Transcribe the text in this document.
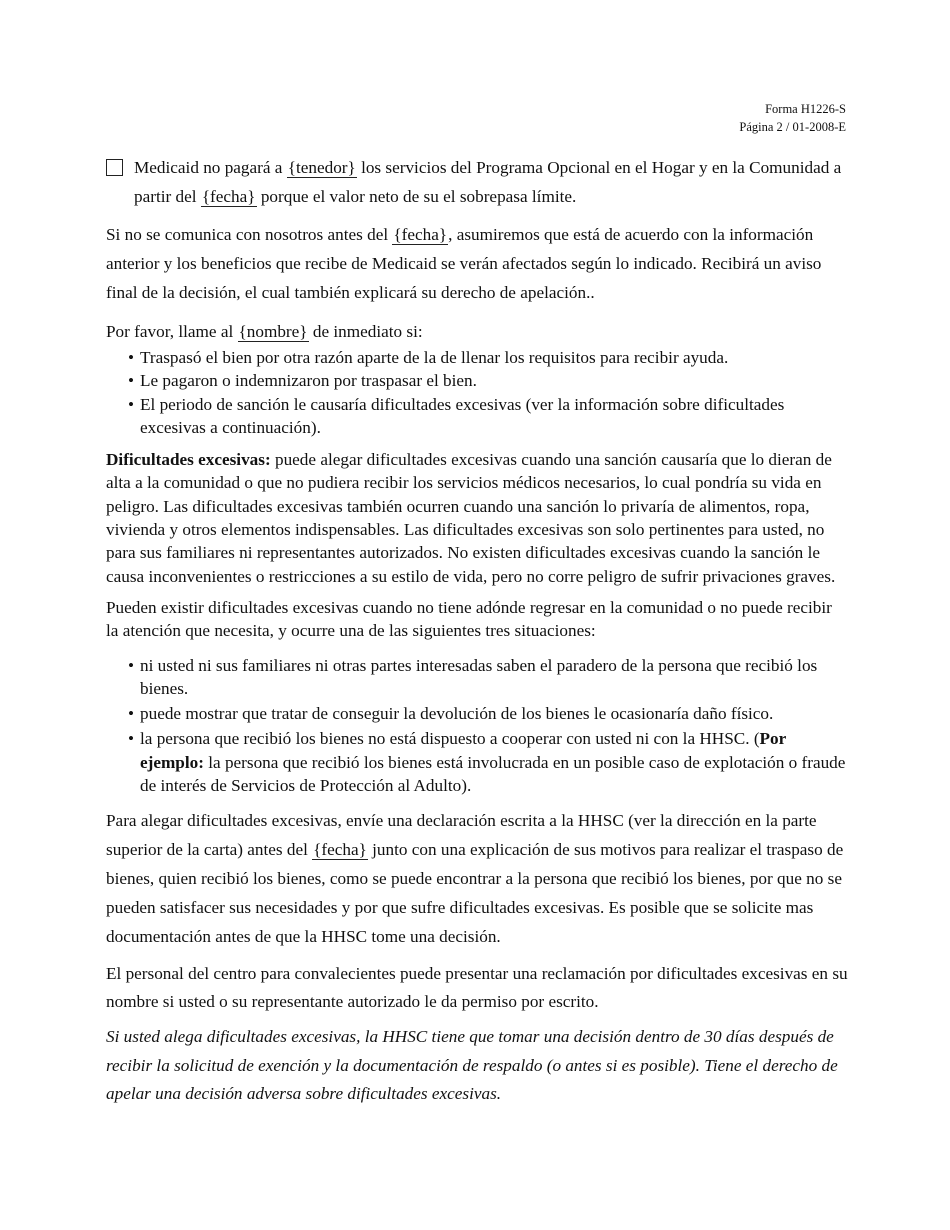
Forma H1226-S
Página 2 / 01-2008-E

Medicaid no pagará a {tenedor} los servicios del Programa Opcional en el Hogar y en la Comunidad a partir del {fecha} porque el valor neto de su el sobrepasa límite.

Si no se comunica con nosotros antes del {fecha}, asumiremos que está de acuerdo con la información anterior y los beneficios que recibe de Medicaid se verán afectados según lo indicado. Recibirá un aviso final de la decisión, el cual también explicará su derecho de apelación..

Por favor, llame al {nombre} de inmediato si:

• Traspasó el bien por otra razón aparte de la de llenar los requisitos para recibir ayuda.
• Le pagaron o indemnizaron por traspasar el bien.
• El periodo de sanción le causaría dificultades excesivas (ver la información sobre dificultades excesivas a continuación).

Dificultades excesivas: puede alegar dificultades excesivas cuando una sanción causaría que lo dieran de alta a la comunidad o que no pudiera recibir los servicios médicos necesarios, lo cual pondría su vida en peligro. Las dificultades excesivas también ocurren cuando una sanción lo privaría de alimentos, ropa, vivienda y otros elementos indispensables. Las dificultades excesivas son solo pertinentes para usted, no para sus familiares ni representantes autorizados. No existen dificultades excesivas cuando la sanción le causa inconvenientes o restricciones a su estilo de vida, pero no corre peligro de sufrir privaciones graves.

Pueden existir dificultades excesivas cuando no tiene adónde regresar en la comunidad o no puede recibir la atención que necesita, y ocurre una de las siguientes tres situaciones:

• ni usted ni sus familiares ni otras partes interesadas saben el paradero de la persona que recibió los bienes.
• puede mostrar que tratar de conseguir la devolución de los bienes le ocasionaría daño físico.
• la persona que recibió los bienes no está dispuesto a cooperar con usted ni con la HHSC. (Por ejemplo: la persona que recibió los bienes está involucrada en un posible caso de explotación o fraude de interés de Servicios de Protección al Adulto).

Para alegar dificultades excesivas, envíe una declaración escrita a la HHSC (ver la dirección en la parte superior de la carta) antes del {fecha} junto con una explicación de sus motivos para realizar el traspaso de bienes, quien recibió los bienes, como se puede encontrar a la persona que recibió los bienes, por que no se pueden satisfacer sus necesidades y por que sufre dificultades excesivas. Es posible que se solicite mas documentación antes de que la HHSC tome una decisión.

El personal del centro para convalecientes puede presentar una reclamación por dificultades excesivas en su nombre si usted o su representante autorizado le da permiso por escrito.

Si usted alega dificultades excesivas, la HHSC tiene que tomar una decisión dentro de 30 días después de recibir la solicitud de exención y la documentación de respaldo (o antes si es posible). Tiene el derecho de apelar una decisión adversa sobre dificultades excesivas.
